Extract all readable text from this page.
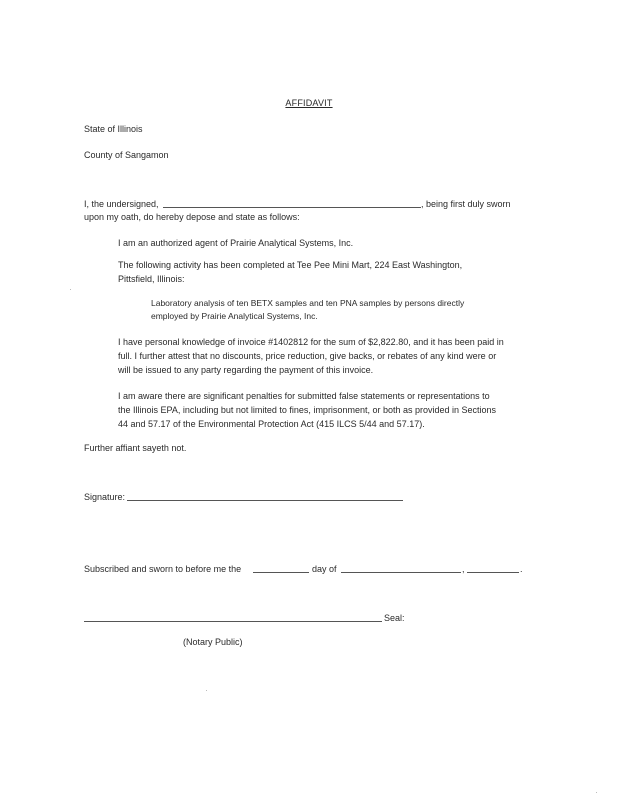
AFFIDAVIT
State of Illinois
County of Sangamon
I, the undersigned,	, being first duly sworn
upon my oath, do hereby depose and state as follows:
I am an authorized agent of Prairie Analytical Systems, Inc.
The following activity has been completed at Tee Pee Mini Mart, 224 East Washington,
Pittsfield, Illinois:
Laboratory analysis of ten BETX samples and ten PNA samples by persons directly
employed by Prairie Analytical Systems, Inc.
I have personal knowledge of invoice #1402812 for the sum of $2,822.80, and it has been paid in
full. I further attest that no discounts, price reduction, give backs, or rebates of any kind were or
will be issued to any party regarding the payment of this invoice.
I am aware there are significant penalties for submitted false statements or representations to
the Illinois EPA, including but not limited to fines, imprisonment, or both as provided in Sections
44 and 57.17 of the Environmental Protection Act (415 ILCS 5/44 and 57.17).
Further affiant sayeth not.
Signature:
Subscribed and sworn to before me the	day of	,	.
Seal:
(Notary Public)
